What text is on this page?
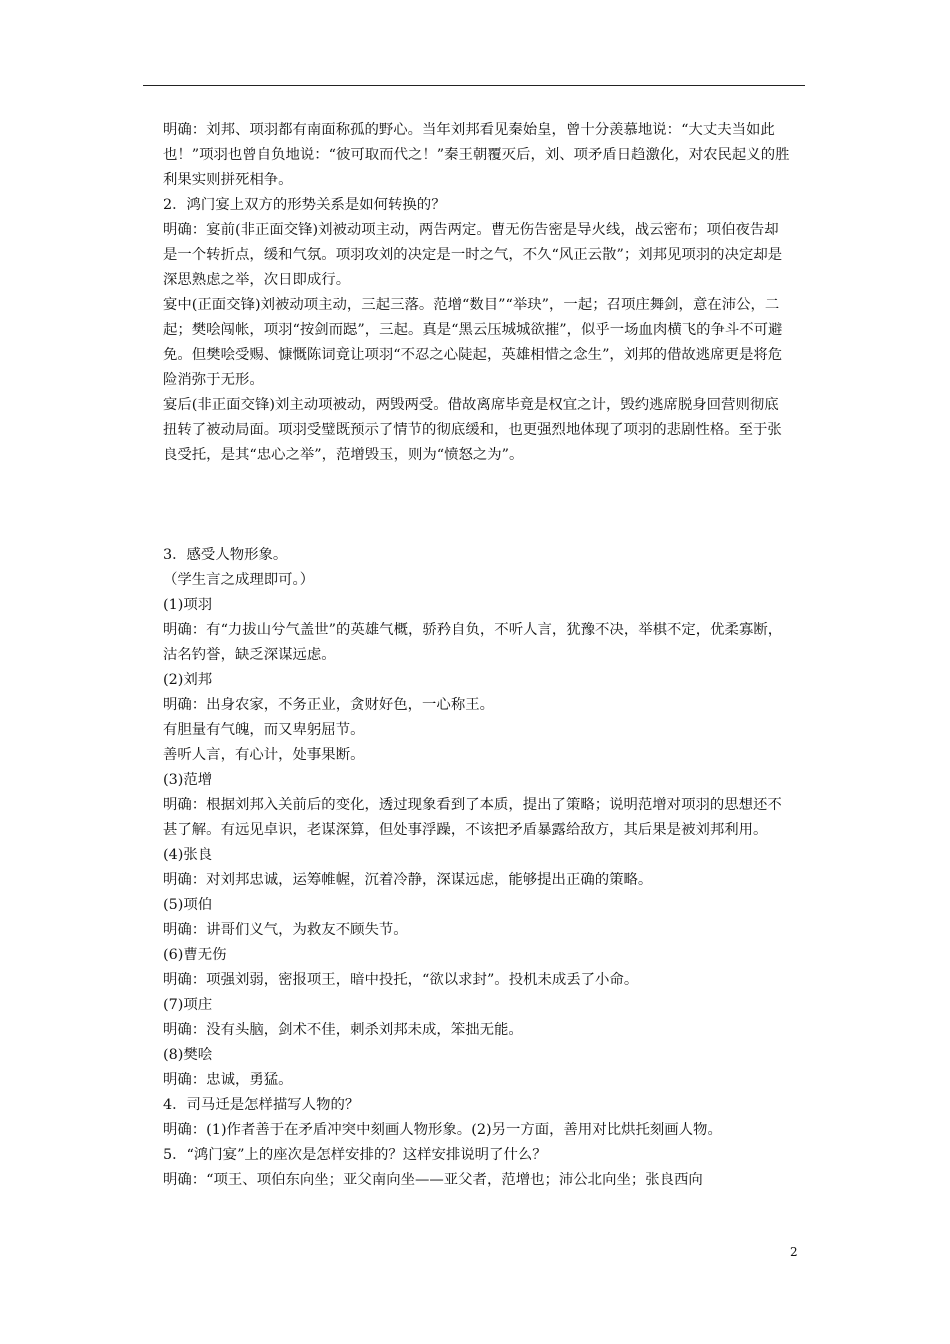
明确：刘邦、项羽都有南面称孤的野心。当年刘邦看见秦始皇，曾十分羡慕地说：“大丈夫当如此也！”项羽也曾自负地说：“彼可取而代之！”秦王朝覆灭后，刘、项矛盾日趋激化，对农民起义的胜利果实则拼死相争。

2．鸿门宴上双方的形势关系是如何转换的？

明确：宴前(非正面交锋)刘被动项主动，两告两定。曹无伤告密是导火线，战云密布；项伯夜告却是一个转折点，缓和气氛。项羽攻刘的决定是一时之气，不久“风正云散”；刘邦见项羽的决定却是深思熟虑之举，次日即成行。

宴中(正面交锋)刘被动项主动，三起三落。范增“数目”“举玦”，一起；召项庄舞剑，意在沛公，二起；樊哙闯帐，项羽“按剑而跽”，三起。真是“黑云压城城欲摧”，似乎一场血肉横飞的争斗不可避免。但樊哙受赐、慷慨陈词竟让项羽“不忍之心陡起，英雄相惜之念生”，刘邦的借故逃席更是将危险消弥于无形。

宴后(非正面交锋)刘主动项被动，两毁两受。借故离席毕竟是权宜之计，毁约逃席脱身回营则彻底扭转了被动局面。项羽受璧既预示了情节的彻底缓和，也更强烈地体现了项羽的悲剧性格。至于张良受托，是其“忠心之举”，范增毁玉，则为“愤怒之为”。

3．感受人物形象。

（学生言之成理即可。）

(1)项羽

明确：有“力拔山兮气盖世”的英雄气概，骄矜自负，不听人言，犹豫不决，举棋不定，优柔寡断，沽名钓誉，缺乏深谋远虑。

(2)刘邦

明确：出身农家，不务正业，贪财好色，一心称王。

有胆量有气魄，而又卑躬屈节。

善听人言，有心计，处事果断。

(3)范增

明确：根据刘邦入关前后的变化，透过现象看到了本质，提出了策略；说明范增对项羽的思想还不甚了解。有远见卓识，老谋深算，但处事浮躁，不该把矛盾暴露给敌方，其后果是被刘邦利用。

(4)张良

明确：对刘邦忠诚，运筹帷幄，沉着冷静，深谋远虑，能够提出正确的策略。

(5)项伯

明确：讲哥们义气，为救友不顾失节。

(6)曹无伤

明确：项强刘弱，密报项王，暗中投托，“欲以求封”。投机未成丢了小命。

(7)项庄

明确：没有头脑，剑术不佳，刺杀刘邦未成，笨拙无能。

(8)樊哙

明确：忠诚，勇猛。

4．司马迁是怎样描写人物的？

明确：(1)作者善于在矛盾冲突中刻画人物形象。(2)另一方面，善用对比烘托刻画人物。

5．“鸿门宴”上的座次是怎样安排的？这样安排说明了什么？

明确：“项王、项伯东向坐；亚父南向坐——亚父者，范增也；沛公北向坐；张良西向

2
